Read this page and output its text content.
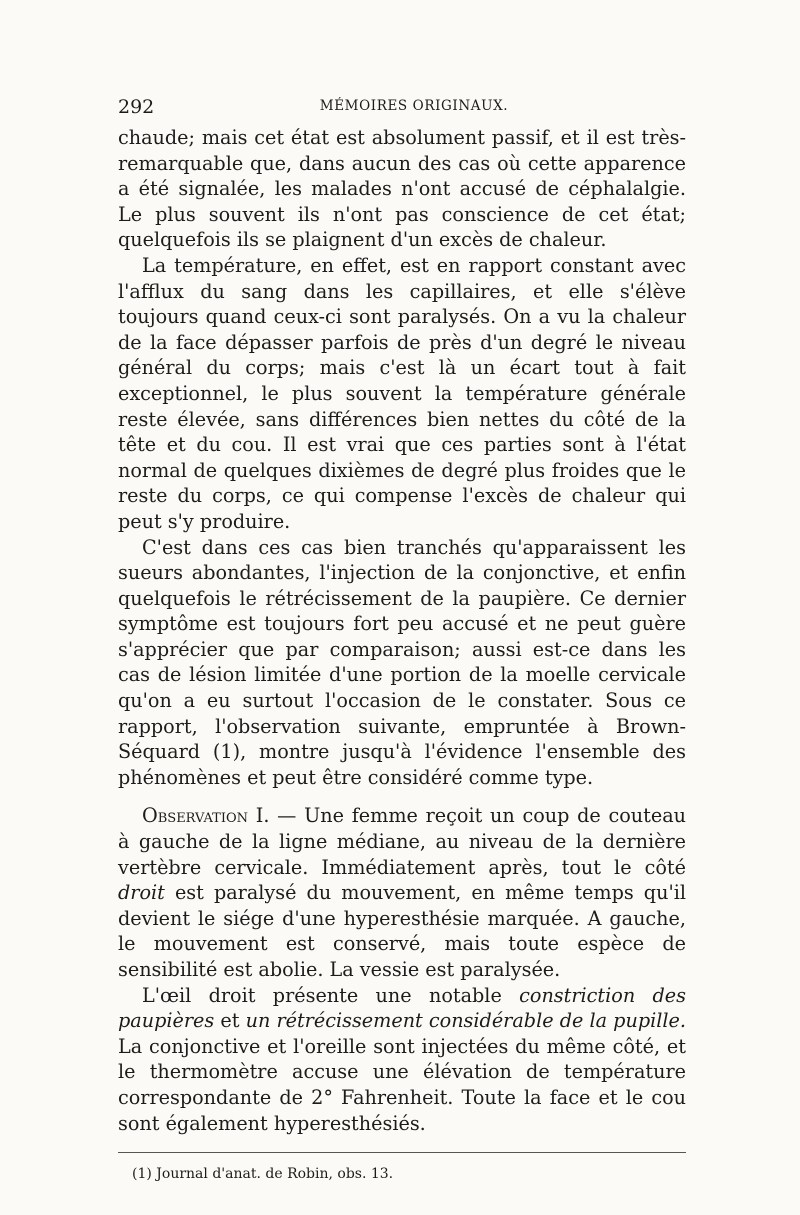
292	MÉMOIRES ORIGINAUX.

chaude; mais cet état est absolument passif, et il est très-remarquable que, dans aucun des cas où cette apparence a été signalée, les malades n'ont accusé de céphalalgie. Le plus souvent ils n'ont pas conscience de cet état; quelquefois ils se plaignent d'un excès de chaleur.

La température, en effet, est en rapport constant avec l'afflux du sang dans les capillaires, et elle s'élève toujours quand ceux-ci sont paralysés. On a vu la chaleur de la face dépasser parfois de près d'un degré le niveau général du corps; mais c'est là un écart tout à fait exceptionnel, le plus souvent la température générale reste élevée, sans différences bien nettes du côté de la tête et du cou. Il est vrai que ces parties sont à l'état normal de quelques dixièmes de degré plus froides que le reste du corps, ce qui compense l'excès de chaleur qui peut s'y produire.

C'est dans ces cas bien tranchés qu'apparaissent les sueurs abondantes, l'injection de la conjonctive, et enfin quelquefois le rétrécissement de la paupière. Ce dernier symptôme est toujours fort peu accusé et ne peut guère s'apprécier que par comparaison; aussi est-ce dans les cas de lésion limitée d'une portion de la moelle cervicale qu'on a eu surtout l'occasion de le constater. Sous ce rapport, l'observation suivante, empruntée à Brown-Séquard (1), montre jusqu'à l'évidence l'ensemble des phénomènes et peut être considéré comme type.

Observation I. — Une femme reçoit un coup de couteau à gauche de la ligne médiane, au niveau de la dernière vertèbre cervicale. Immédiatement après, tout le côté droit est paralysé du mouvement, en même temps qu'il devient le siége d'une hyperesthésie marquée. A gauche, le mouvement est conservé, mais toute espèce de sensibilité est abolie. La vessie est paralysée.

L'œil droit présente une notable constriction des paupières et un rétrécissement considérable de la pupille. La conjonctive et l'oreille sont injectées du même côté, et le thermomètre accuse une élévation de température correspondante de 2° Fahrenheit. Toute la face et le cou sont également hyperesthésiés.

(1) Journal d'anat. de Robin, obs. 13.
